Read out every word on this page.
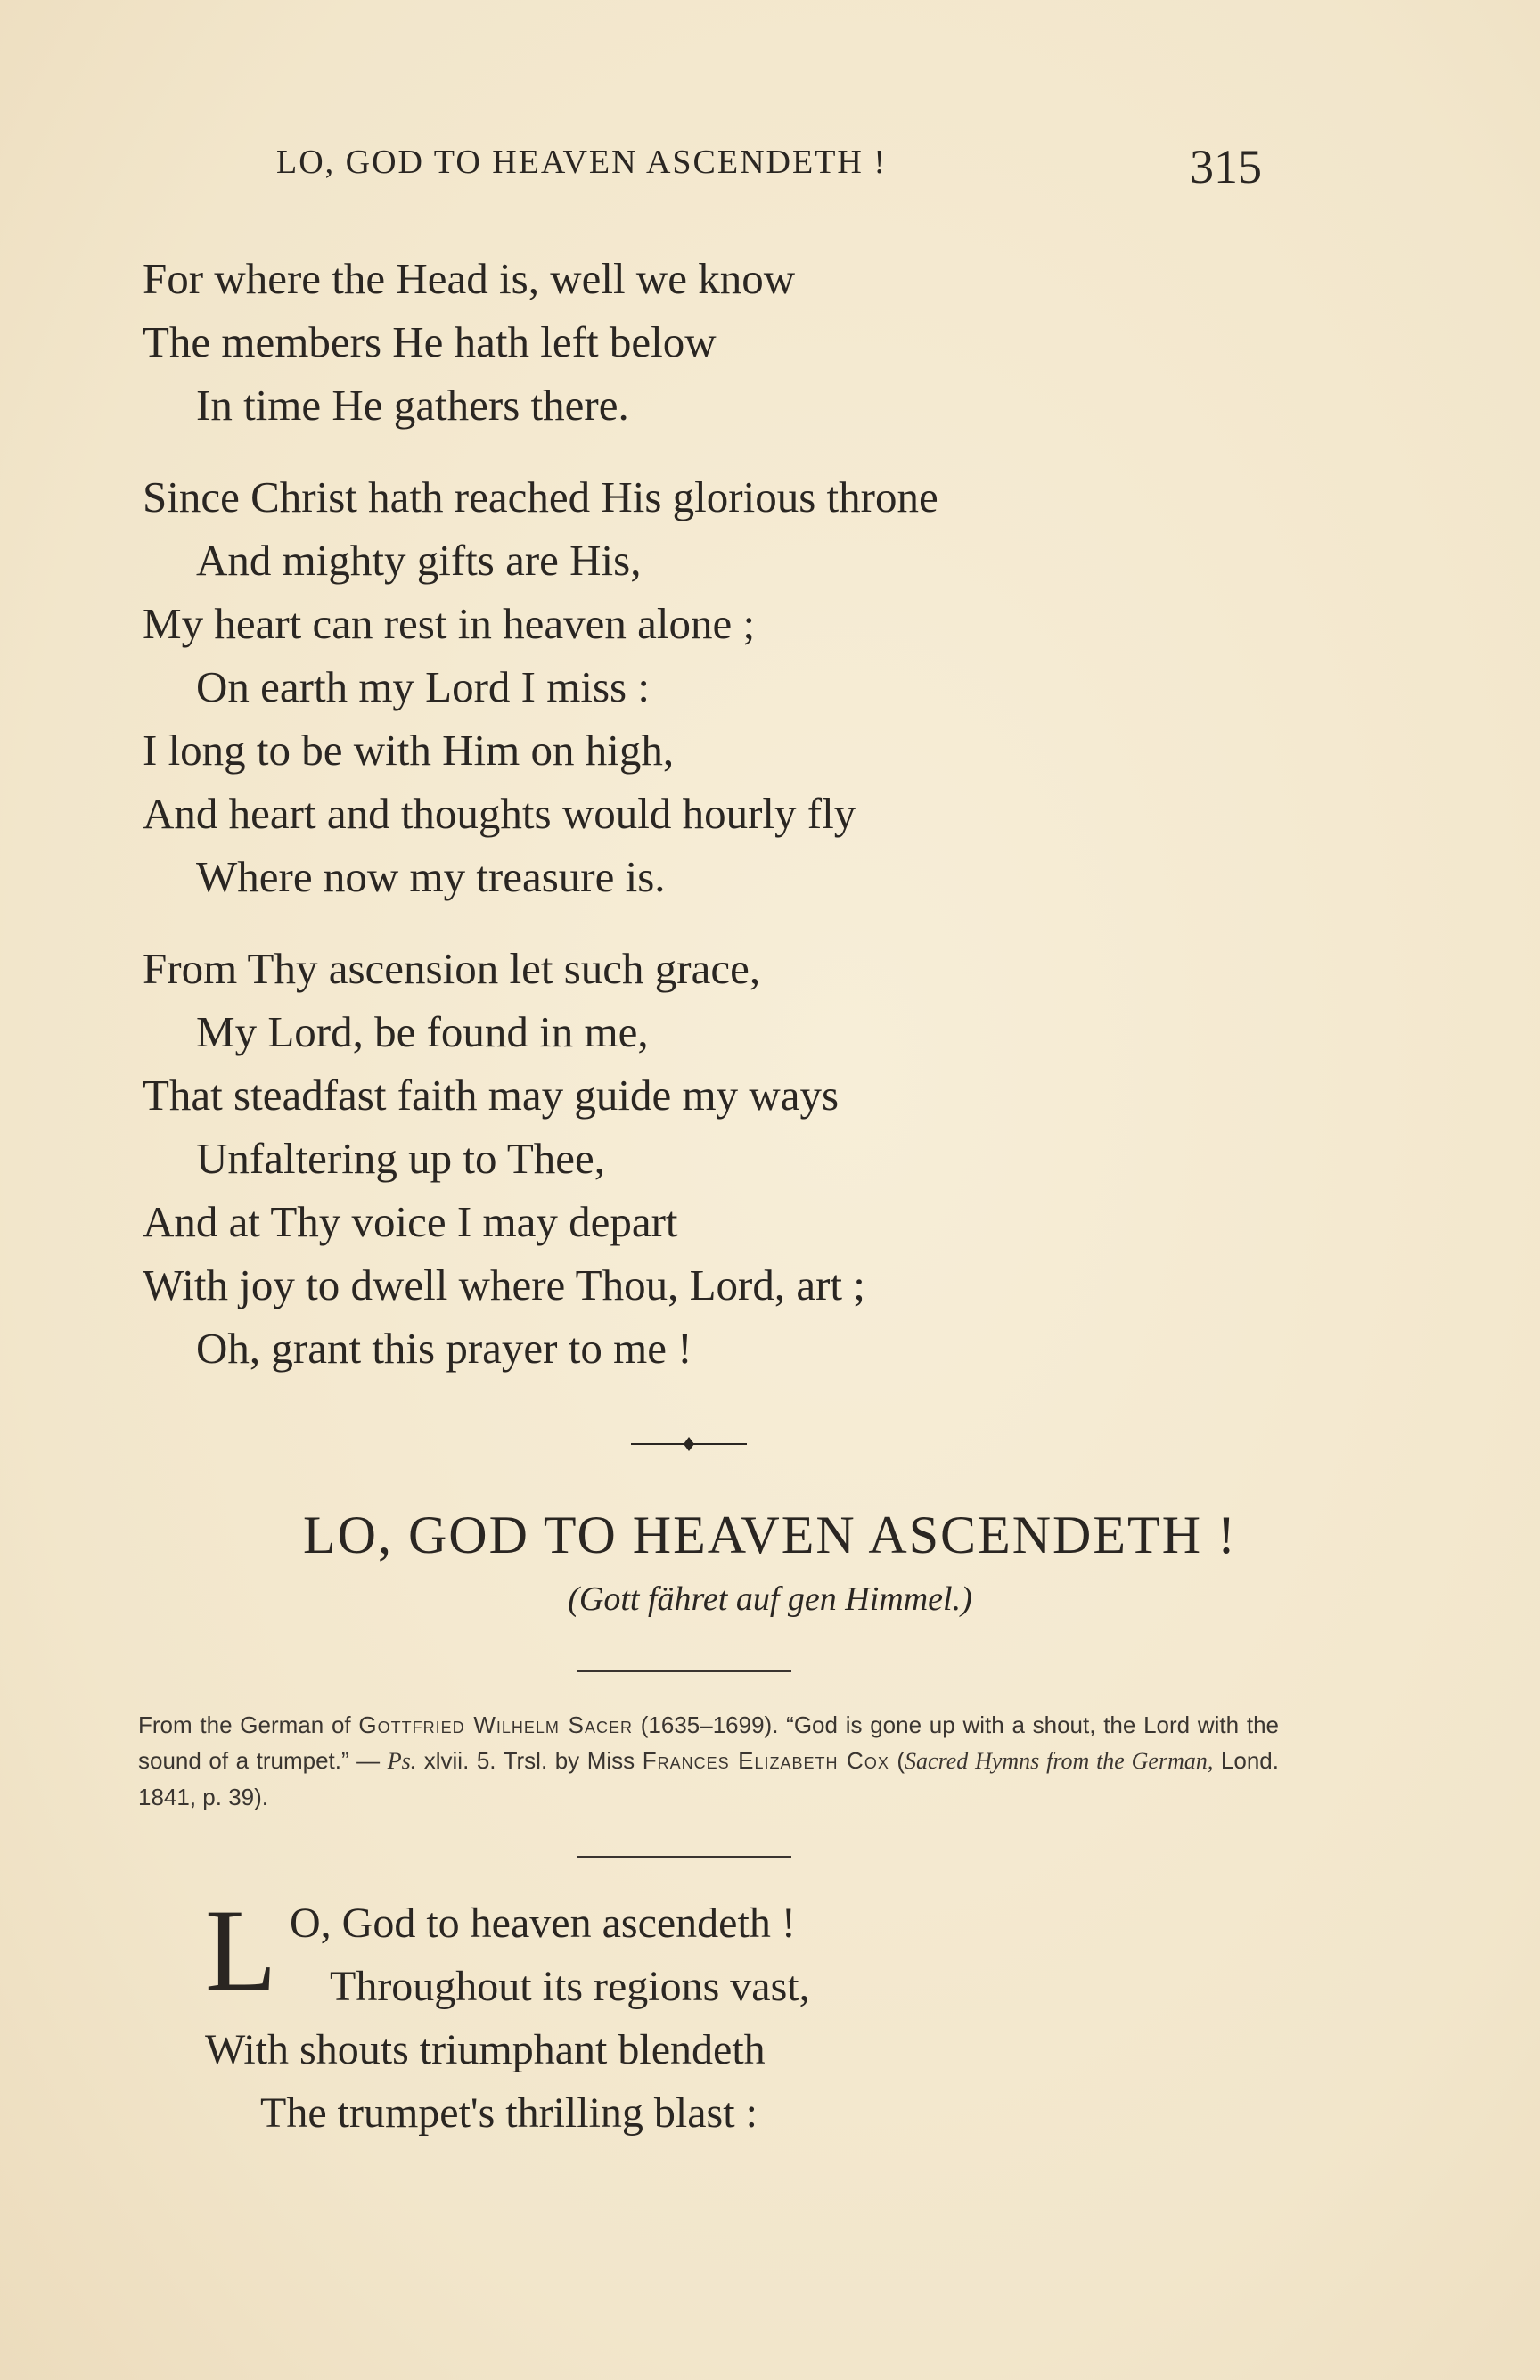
LO, GOD TO HEAVEN ASCENDETH !	315
For where the Head is, well we know
The members He hath left below
In time He gathers there.
Since Christ hath reached His glorious throne
And mighty gifts are His,
My heart can rest in heaven alone ;
On earth my Lord I miss :
I long to be with Him on high,
And heart and thoughts would hourly fly
Where now my treasure is.
From Thy ascension let such grace,
My Lord, be found in me,
That steadfast faith may guide my ways
Unfaltering up to Thee,
And at Thy voice I may depart
With joy to dwell where Thou, Lord, art ;
Oh, grant this prayer to me !
LO, GOD TO HEAVEN ASCENDETH !
(Gott fähret auf gen Himmel.)
From the German of Gottfried Wilhelm Sacer (1635–1699). “God is gone up with a shout, the Lord with the sound of a trumpet.” — Ps. xlvii. 5. Trsl. by Miss Frances Elizabeth Cox (Sacred Hymns from the German, Lond. 1841, p. 39).
L O, God to heaven ascendeth !
Throughout its regions vast,
With shouts triumphant blendeth
The trumpet's thrilling blast :
